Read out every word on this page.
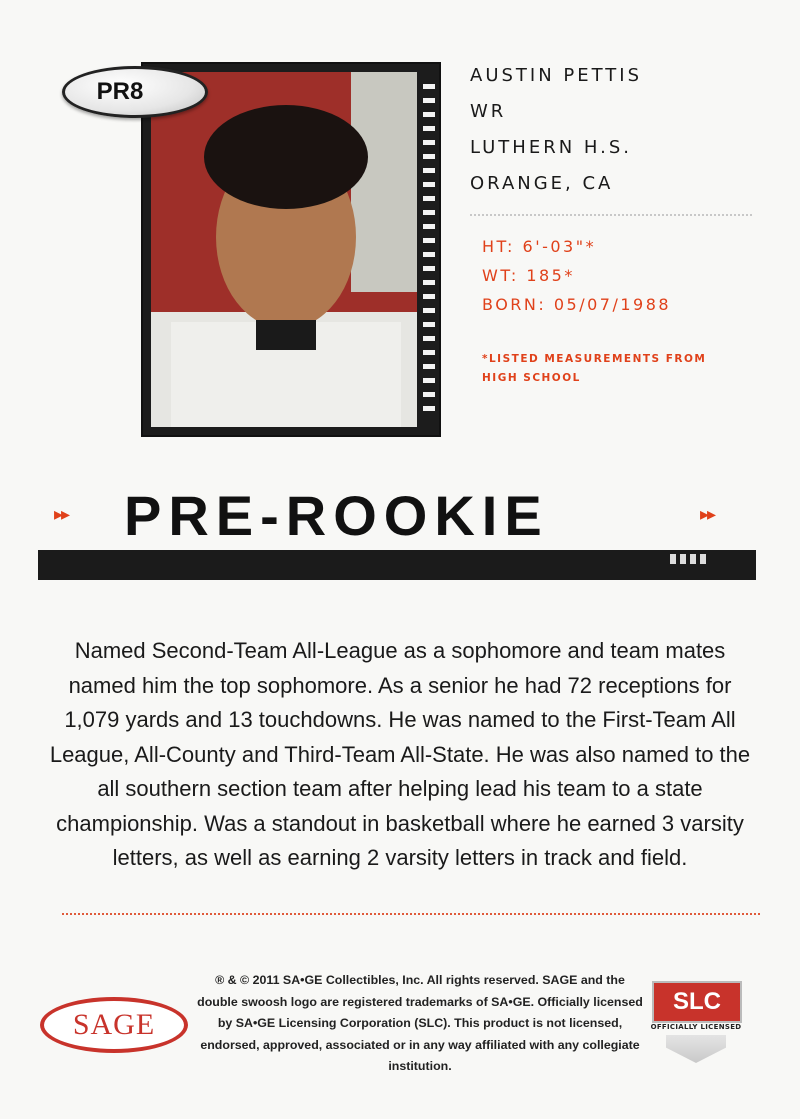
PR8
AUSTIN PETTIS
WR
LUTHERN H.S.
ORANGE, CA
HT: 6'-03"*
WT: 185*
BORN: 05/07/1988
*LISTED MEASUREMENTS FROM HIGH SCHOOL
▸▸ PRE-ROOKIE	▸▸
Named Second-Team All-League as a sophomore and team mates named him the top sophomore. As a senior he had 72 receptions for 1,079 yards and 13 touchdowns. He was named to the First-Team All League, All-County and Third-Team All-State. He was also named to the all southern section team after helping lead his team to a state championship. Was a standout in basketball where he earned 3 varsity letters, as well as earning 2 varsity letters in track and field.
SAGE
® & © 2011 SA•GE Collectibles, Inc. All rights reserved. SAGE and the double swoosh logo are registered trademarks of SA•GE. Officially licensed by SA•GE Licensing Corporation (SLC). This product is not licensed, endorsed, approved, associated or in any way affiliated with any collegiate institution.
SLC
OFFICIALLY LICENSED
